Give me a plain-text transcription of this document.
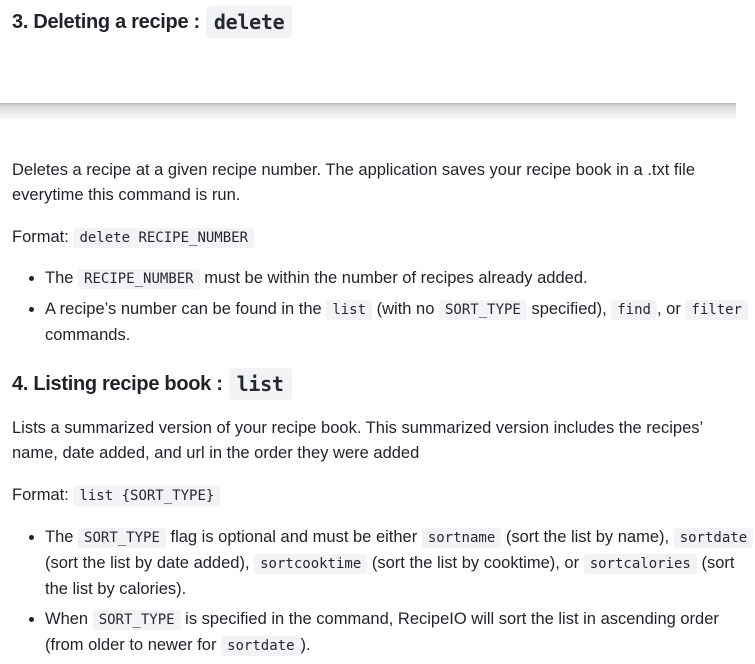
3. Deleting a recipe : delete

Deletes a recipe at a given recipe number. The application saves your recipe book in a .txt file everytime this command is run.

Format: delete RECIPE_NUMBER

• The RECIPE_NUMBER must be within the number of recipes already added.
• A recipe’s number can be found in the list (with no SORT_TYPE specified), find , or filter commands.
4. Listing recipe book : list

Lists a summarized version of your recipe book. This summarized version includes the recipes’ name, date added, and url in the order they were added

Format: list {SORT_TYPE}

• The SORT_TYPE flag is optional and must be either sortname (sort the list by name), sortdate (sort the list by date added), sortcooktime (sort the list by cooktime), or sortcalories (sort the list by calories).
• When SORT_TYPE is specified in the command, RecipeIO will sort the list in ascending order (from older to newer for sortdate ).
